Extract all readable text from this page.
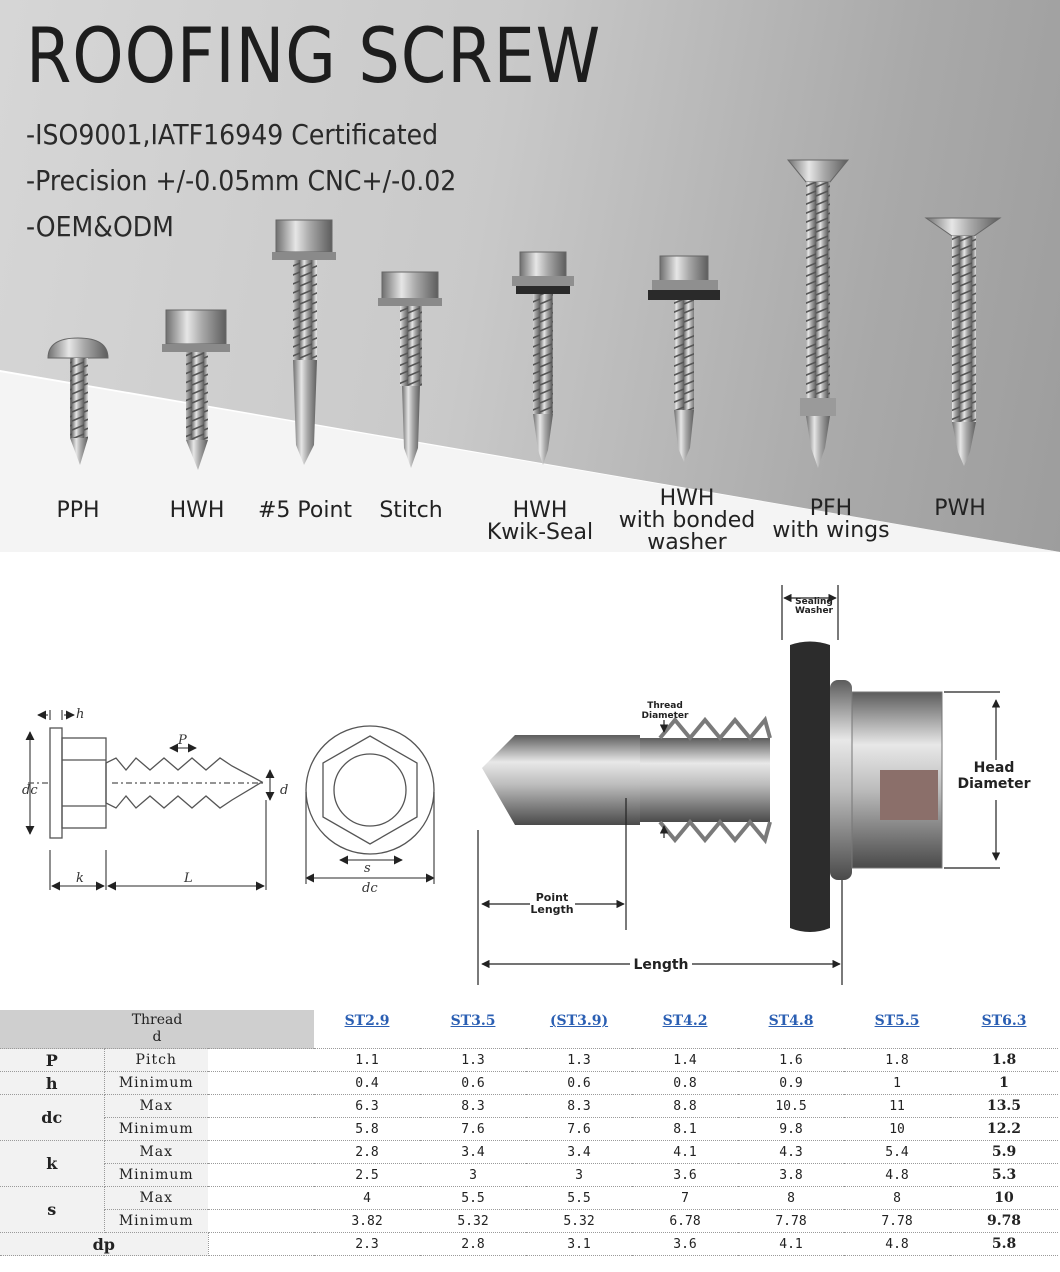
ROOFING SCREW
-ISO9001,IATF16949 Certificated
-Precision +/-0.05mm CNC+/-0.02
-OEM&ODM
PPH	HWH #5 Point Stitch	HWH
Kwik-Seal
HWH
with bonded
washer
PFH
with wings
PWH
h
P
dc	d
k	L
s
dc
Sealing
Washer
Thread
Diameter
Head
Diameter
Point
Length
Length
Thread
d			ST2.9	ST3.5	(ST3.9)	ST4.2	ST4.8	ST5.5	ST6.3
P	Pitch		1.1	1.3	1.3	1.4	1.6	1.8	1.8
h	Minimum		0.4	0.6	0.6	0.8	0.9	1	1
dc	Max		6.3	8.3	8.3	8.8	10.5	11	13.5
	Minimum		5.8	7.6	7.6	8.1	9.8	10	12.2
k	Max		2.8	3.4	3.4	4.1	4.3	5.4	5.9
	Minimum		2.5	3	3	3.6	3.8	4.8	5.3
s	Max		4	5.5	5.5	7	8	8	10
	Minimum		3.82	5.32	5.32	6.78	7.78	7.78	9.78
dp			2.3	2.8	3.1	3.6	4.1	4.8	5.8
